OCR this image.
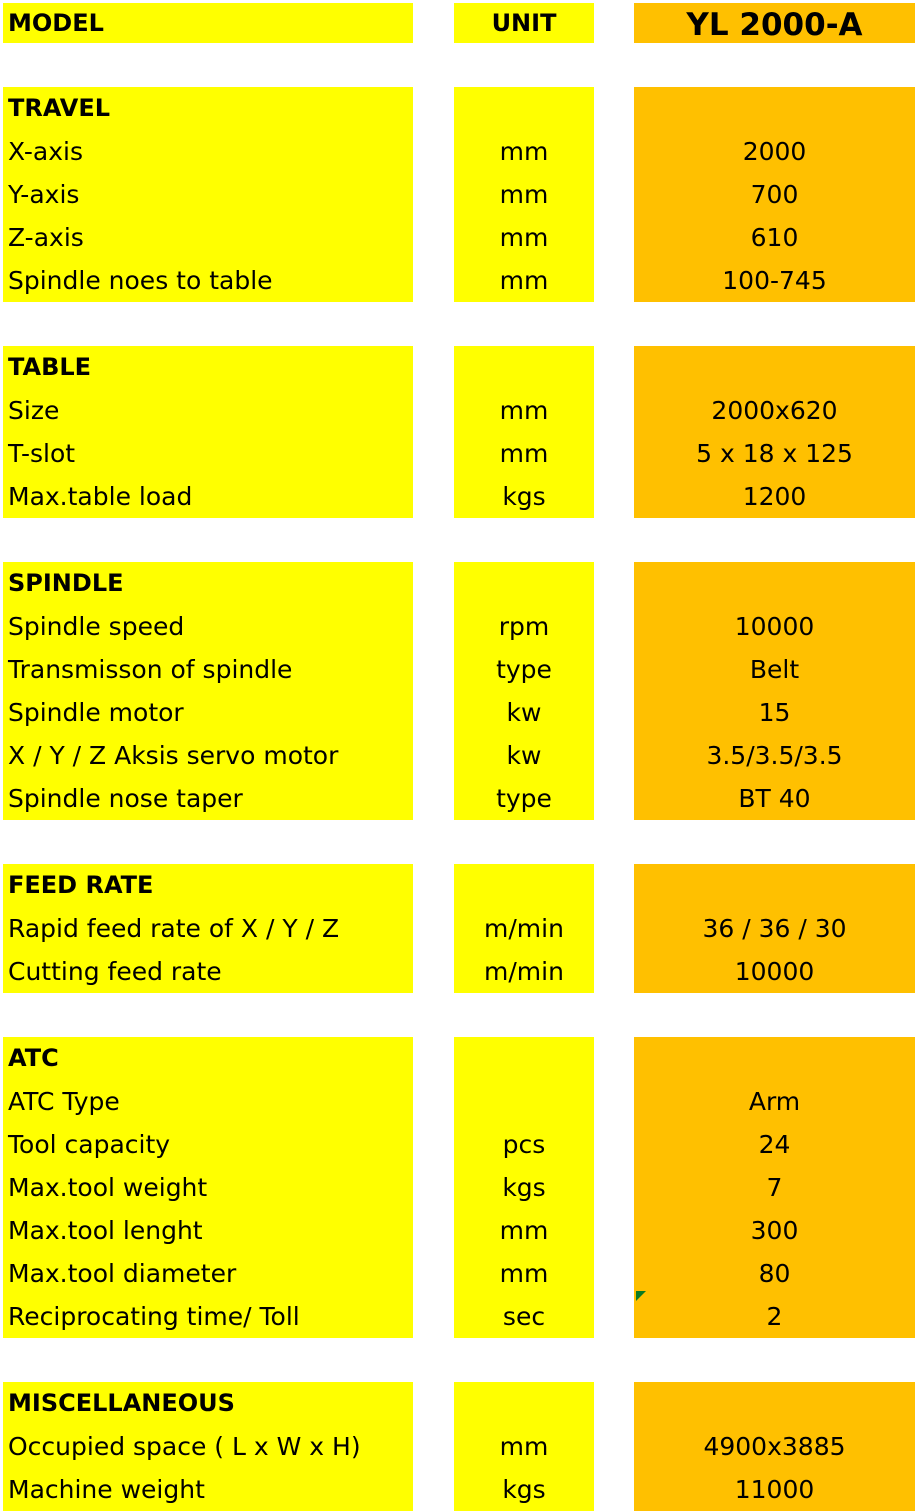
MODEL	UNIT	YL 2000-A
TRAVEL
X-axis
Y-axis
Z-axis
Spindle noes to table
mm
mm
mm
mm
2000
700
610
100-745
TABLE
Size
T-slot
Max.table load
mm
mm
kgs
2000x620
5 x 18 x 125
1200
SPINDLE
Spindle speed
Transmisson of spindle
Spindle motor
X / Y / Z Aksis servo motor
Spindle nose taper
rpm
type
kw
kw
type
10000
Belt
15
3.5/3.5/3.5
BT 40
FEED RATE
Rapid feed rate of X / Y / Z
Cutting feed rate
m/min
m/min
36 / 36 / 30
10000
ATC
ATC Type
Tool capacity
Max.tool weight
Max.tool lenght
Max.tool diameter
Reciprocating time/ Toll
pcs
kgs
mm
mm
sec
Arm
24
7
300
80
2
MISCELLANEOUS
Occupied space ( L x W x H)
Machine weight
mm
kgs
4900x3885
11000
